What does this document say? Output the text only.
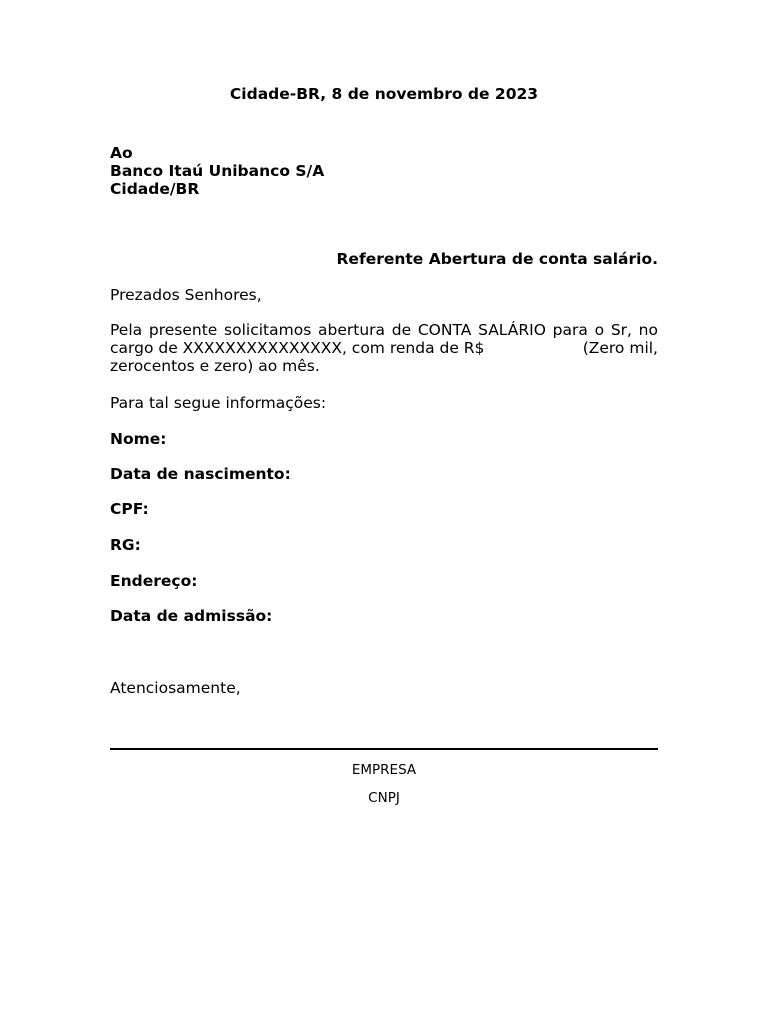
Cidade-BR, 8 de novembro de 2023

Ao

Banco Itaú Unibanco S/A

Cidade/BR

Referente Abertura de conta salário.

Prezados Senhores,

Pela presente solicitamos abertura de CONTA SALÁRIO para o Sr, no
cargo de XXXXXXXXXXXXXXX, com renda de R$	(Zero mil,
zerocentos e zero) ao mês.

Para tal segue informações:

Nome:

Data de nascimento:

CPF:

RG:

Endereço:

Data de admissão:

Atenciosamente,

EMPRESA

CNPJ
